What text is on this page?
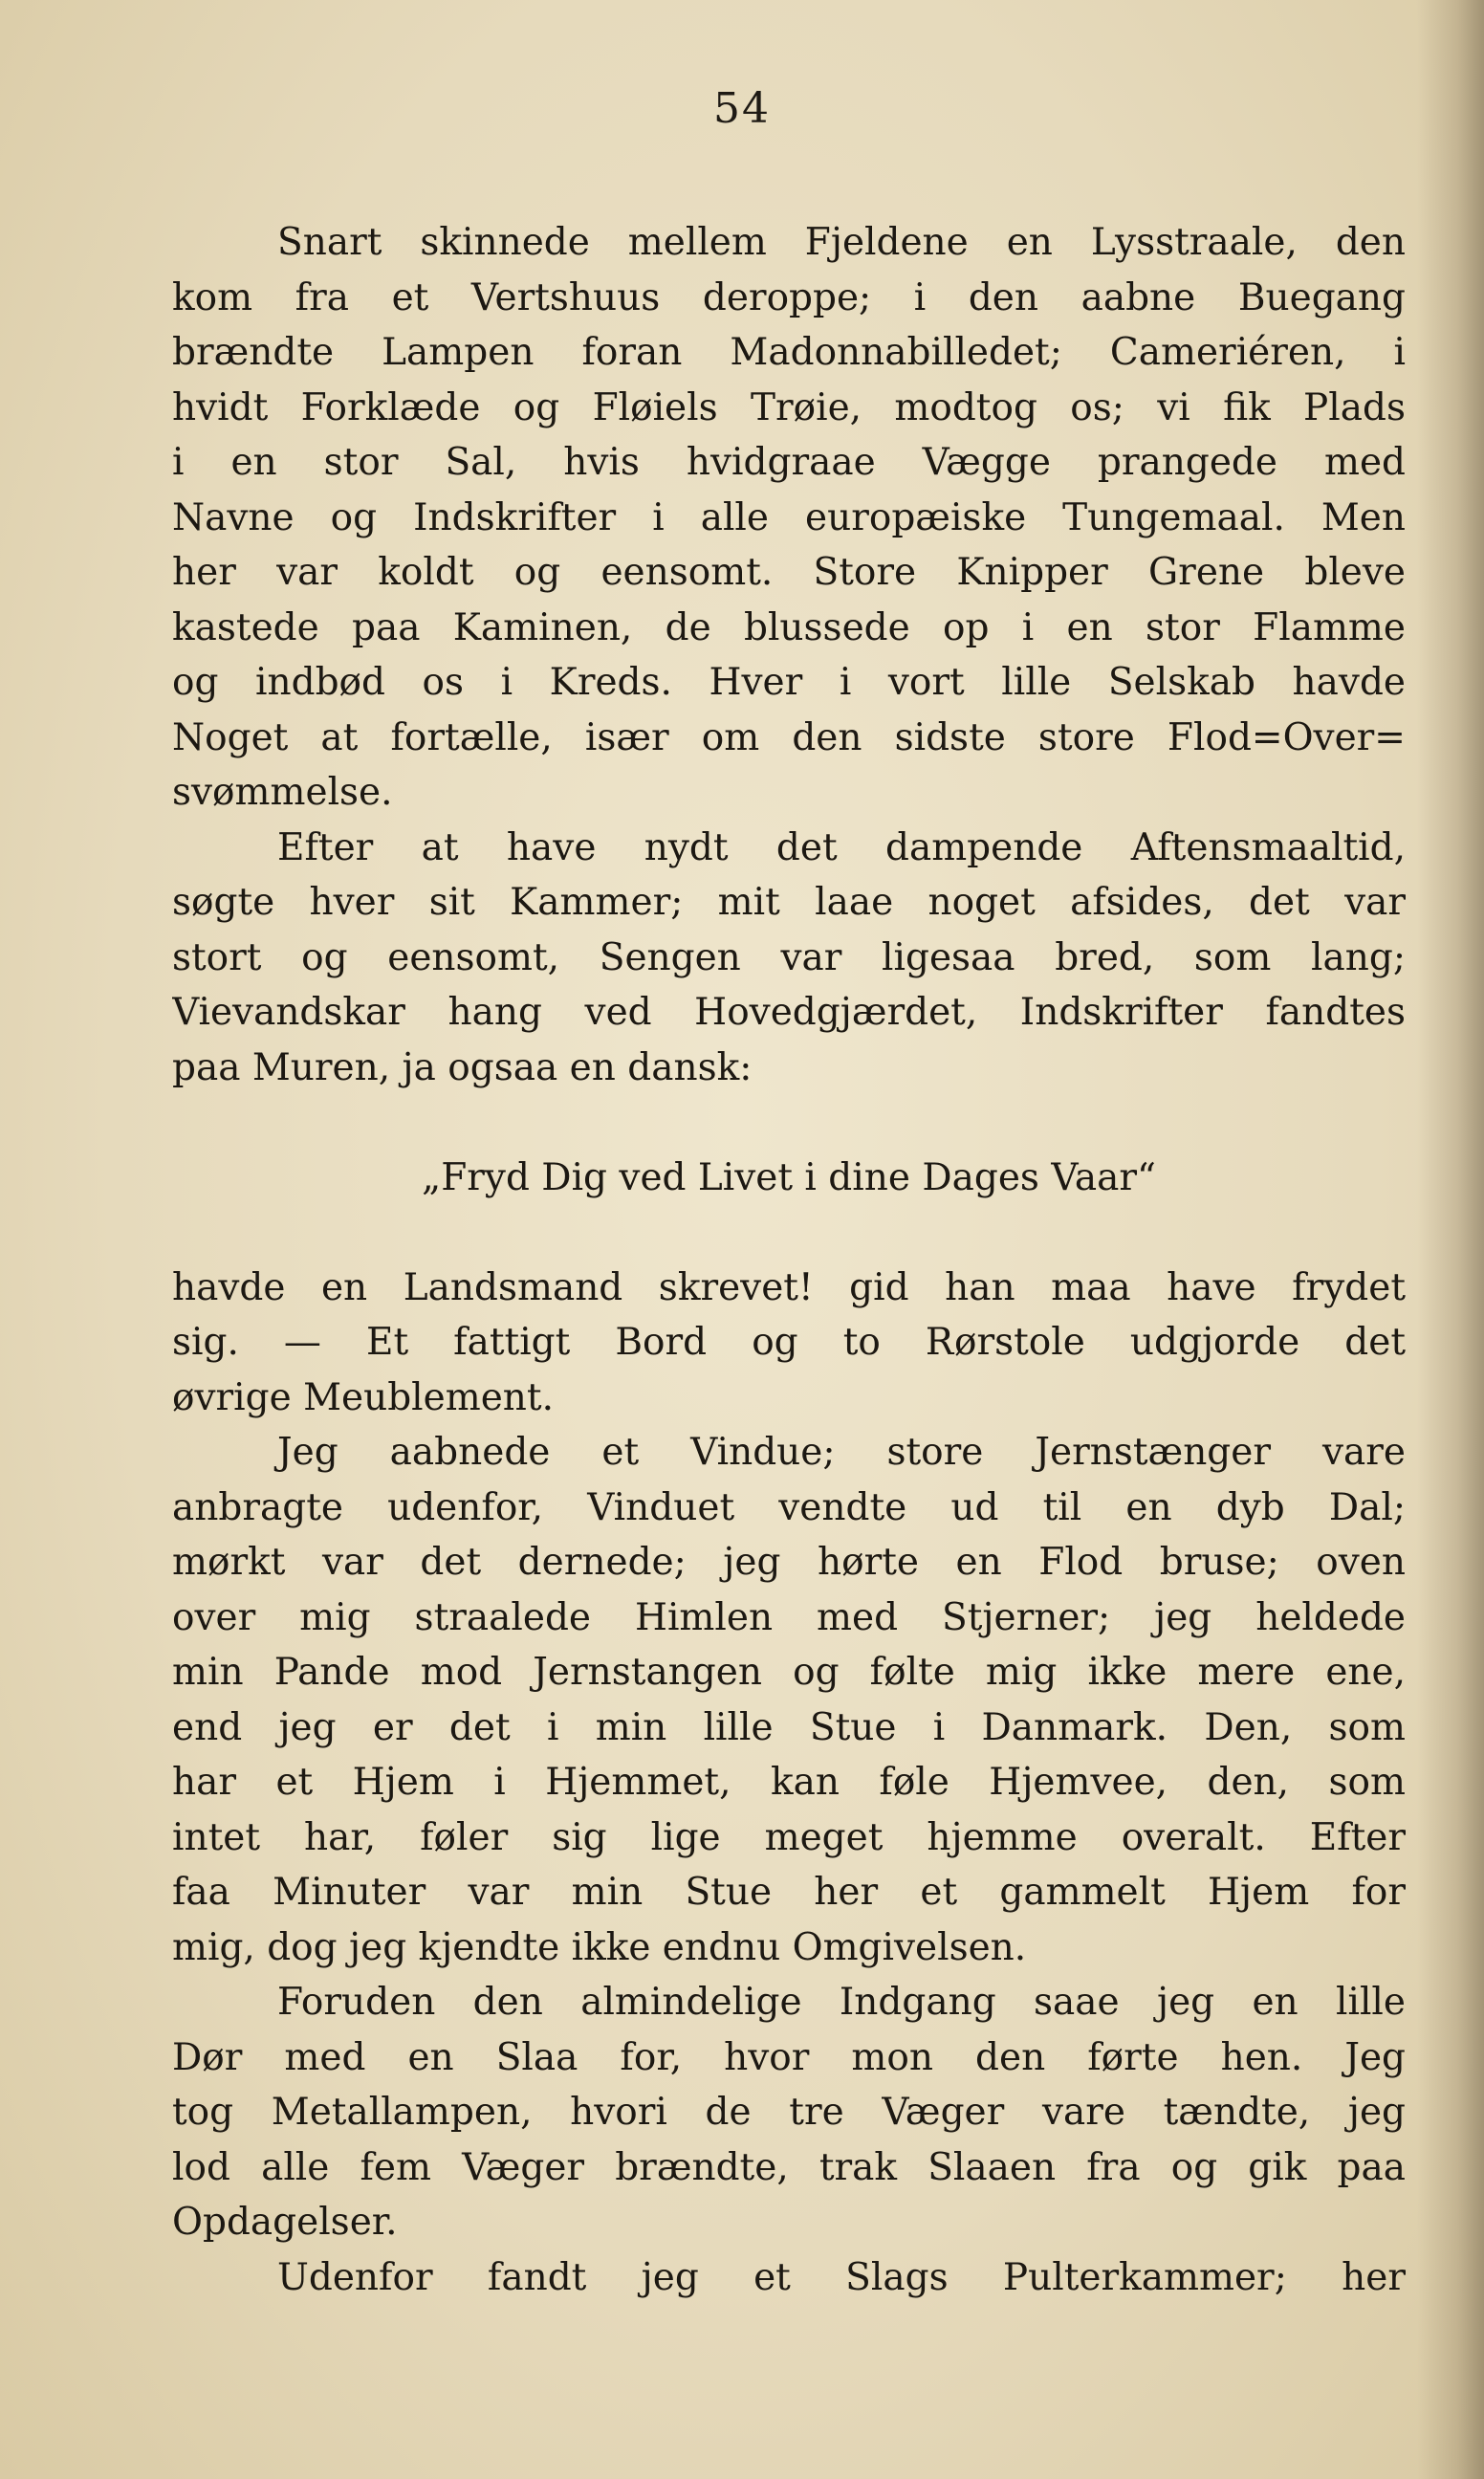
54
Snart skinnede mellem Fjeldene en Lysstraale, den
kom fra et Vertshuus deroppe; i den aabne Buegang
brændte Lampen foran Madonnabilledet; Cameriéren, i
hvidt Forklæde og Fløiels Trøie, modtog os; vi fik Plads
i en stor Sal, hvis hvidgraae Vægge prangede med
Navne og Indskrifter i alle europæiske Tungemaal. Men
her var koldt og eensomt. Store Knipper Grene bleve
kastede paa Kaminen, de blussede op i en stor Flamme
og indbød os i Kreds. Hver i vort lille Selskab havde
Noget at fortælle, især om den sidste store Flod=Over=
svømmelse.
Efter at have nydt det dampende Aftensmaaltid,
søgte hver sit Kammer; mit laae noget afsides, det var
stort og eensomt, Sengen var ligesaa bred, som lang;
Vievandskar hang ved Hovedgjærdet, Indskrifter fandtes
paa Muren, ja ogsaa en dansk:
„Fryd Dig ved Livet i dine Dages Vaar“
havde en Landsmand skrevet! gid han maa have frydet
sig. — Et fattigt Bord og to Rørstole udgjorde det
øvrige Meublement.
Jeg aabnede et Vindue; store Jernstænger vare
anbragte udenfor, Vinduet vendte ud til en dyb Dal;
mørkt var det dernede; jeg hørte en Flod bruse; oven
over mig straalede Himlen med Stjerner; jeg heldede
min Pande mod Jernstangen og følte mig ikke mere ene,
end jeg er det i min lille Stue i Danmark. Den, som
har et Hjem i Hjemmet, kan føle Hjemvee, den, som
intet har, føler sig lige meget hjemme overalt. Efter
faa Minuter var min Stue her et gammelt Hjem for
mig, dog jeg kjendte ikke endnu Omgivelsen.
Foruden den almindelige Indgang saae jeg en lille
Dør med en Slaa for, hvor mon den førte hen. Jeg
tog Metallampen, hvori de tre Væger vare tændte, jeg
lod alle fem Væger brændte, trak Slaaen fra og gik paa
Opdagelser.
Udenfor fandt jeg et Slags Pulterkammer; her
